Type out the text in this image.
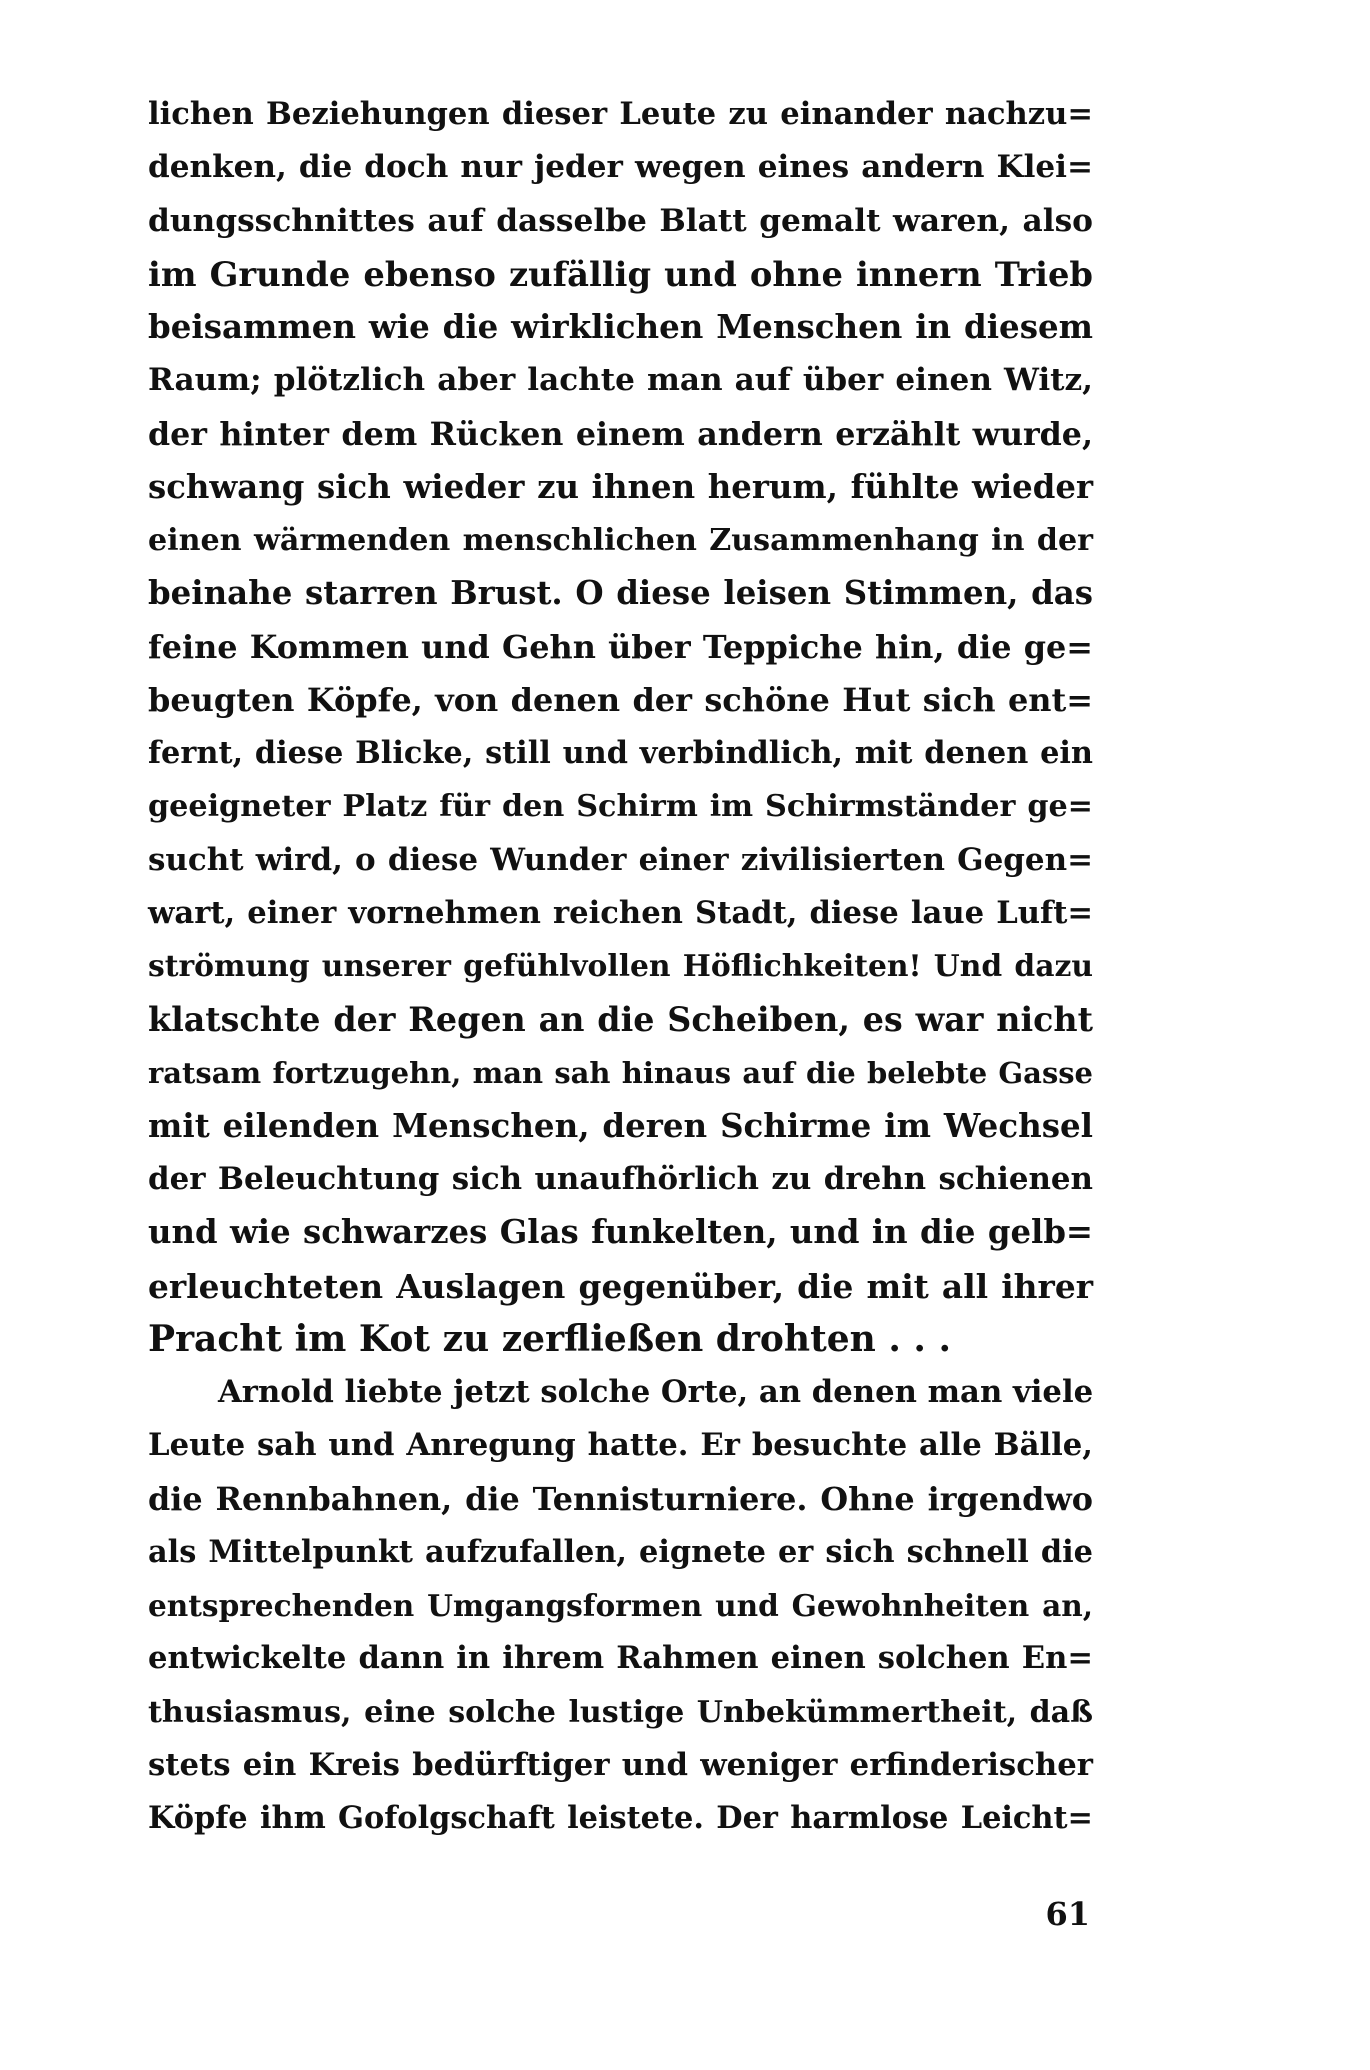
lichen Beziehungen dieser Leute zu einander nachzu=
denken, die doch nur jeder wegen eines andern Klei=
dungsschnittes auf dasselbe Blatt gemalt waren, also
im Grunde ebenso zufällig und ohne innern Trieb
beisammen wie die wirklichen Menschen in diesem
Raum; plötzlich aber lachte man auf über einen Witz,
der hinter dem Rücken einem andern erzählt wurde,
schwang sich wieder zu ihnen herum, fühlte wieder
einen wärmenden menschlichen Zusammenhang in der
beinahe starren Brust. O diese leisen Stimmen, das
feine Kommen und Gehn über Teppiche hin, die ge=
beugten Köpfe, von denen der schöne Hut sich ent=
fernt, diese Blicke, still und verbindlich, mit denen ein
geeigneter Platz für den Schirm im Schirmständer ge=
sucht wird, o diese Wunder einer zivilisierten Gegen=
wart, einer vornehmen reichen Stadt, diese laue Luft=
strömung unserer gefühlvollen Höflichkeiten! Und dazu
klatschte der Regen an die Scheiben, es war nicht
ratsam fortzugehn, man sah hinaus auf die belebte Gasse
mit eilenden Menschen, deren Schirme im Wechsel
der Beleuchtung sich unaufhörlich zu drehn schienen
und wie schwarzes Glas funkelten, und in die gelb=
erleuchteten Auslagen gegenüber, die mit all ihrer
Pracht im Kot zu zerfließen drohten . . .
Arnold liebte jetzt solche Orte, an denen man viele
Leute sah und Anregung hatte. Er besuchte alle Bälle,
die Rennbahnen, die Tennisturniere. Ohne irgendwo
als Mittelpunkt aufzufallen, eignete er sich schnell die
entsprechenden Umgangsformen und Gewohnheiten an,
entwickelte dann in ihrem Rahmen einen solchen En=
thusiasmus, eine solche lustige Unbekümmertheit, daß
stets ein Kreis bedürftiger und weniger erfinderischer
Köpfe ihm Gofolgschaft leistete. Der harmlose Leicht=
61
